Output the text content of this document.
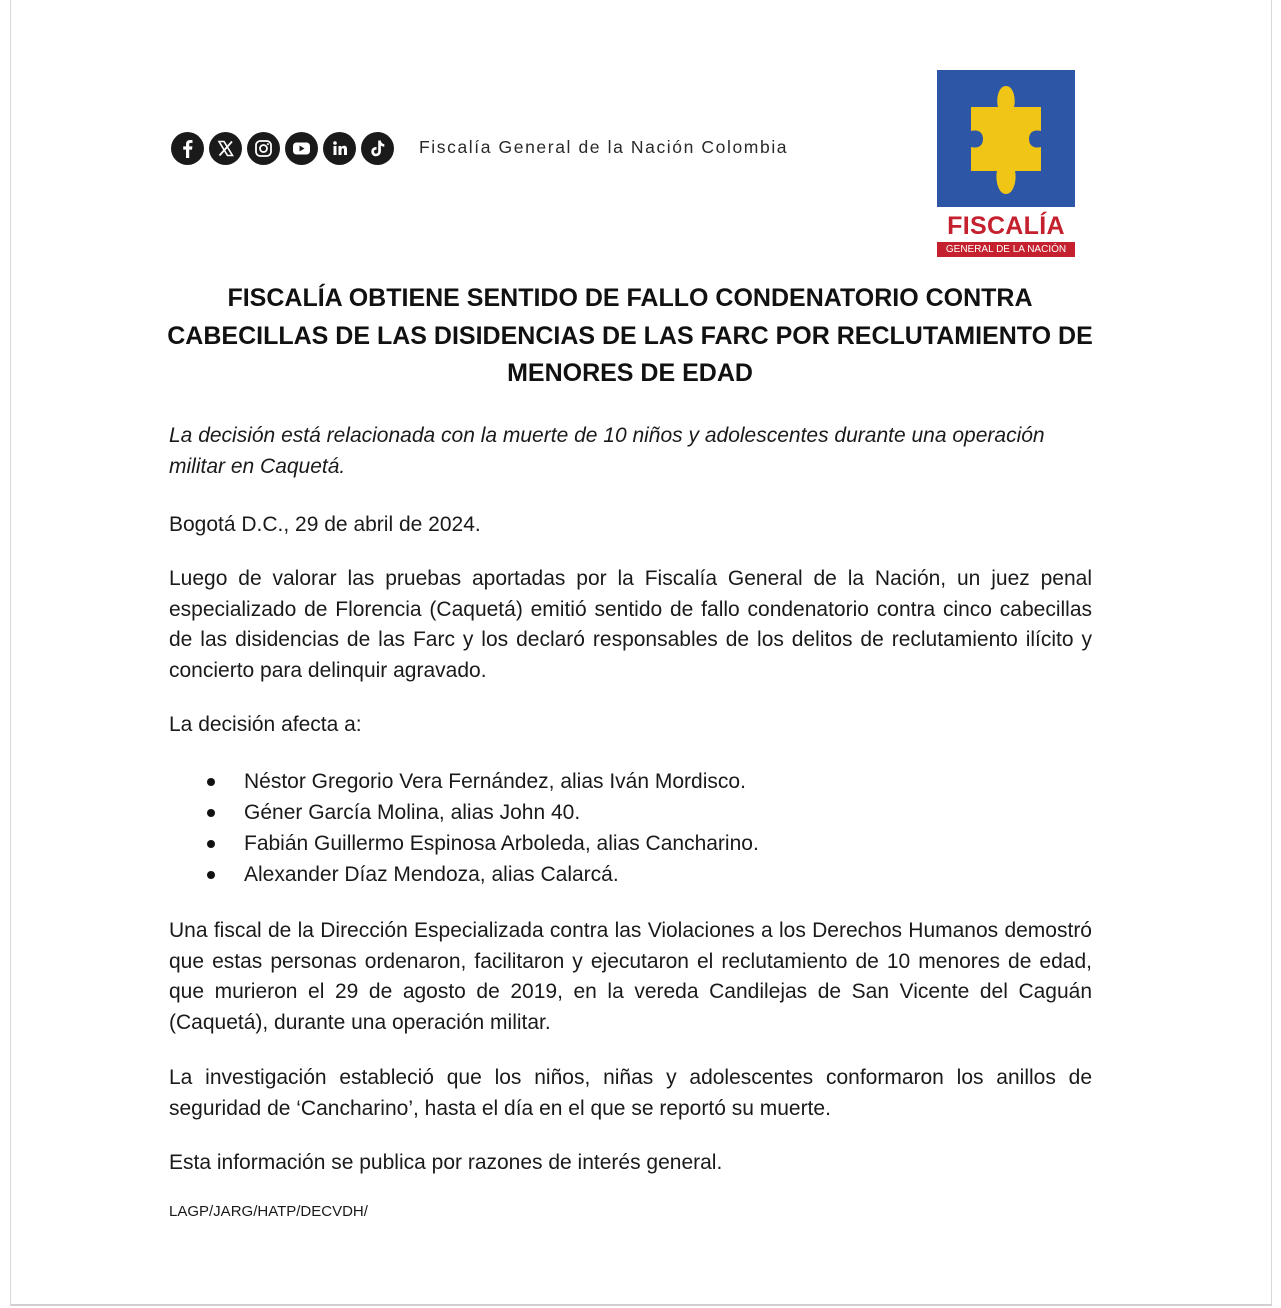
Fiscalía General de la Nación Colombia
FISCALÍA
GENERAL DE LA NACIÓN
FISCALÍA OBTIENE SENTIDO DE FALLO CONDENATORIO CONTRA CABECILLAS DE LAS DISIDENCIAS DE LAS FARC POR RECLUTAMIENTO DE MENORES DE EDAD
La decisión está relacionada con la muerte de 10 niños y adolescentes durante una operación militar en Caquetá.
Bogotá D.C., 29 de abril de 2024.
Luego de valorar las pruebas aportadas por la Fiscalía General de la Nación, un juez penal especializado de Florencia (Caquetá) emitió sentido de fallo condenatorio contra cinco cabecillas de las disidencias de las Farc y los declaró responsables de los delitos de reclutamiento ilícito y concierto para delinquir agravado.
La decisión afecta a:
Néstor Gregorio Vera Fernández, alias Iván Mordisco.
Géner García Molina, alias John 40.
Fabián Guillermo Espinosa Arboleda, alias Cancharino.
Alexander Díaz Mendoza, alias Calarcá.
Una fiscal de la Dirección Especializada contra las Violaciones a los Derechos Humanos demostró que estas personas ordenaron, facilitaron y ejecutaron el reclutamiento de 10 menores de edad, que murieron el 29 de agosto de 2019, en la vereda Candilejas de San Vicente del Caguán (Caquetá), durante una operación militar.
La investigación estableció que los niños, niñas y adolescentes conformaron los anillos de seguridad de ‘Cancharino’, hasta el día en el que se reportó su muerte.
Esta información se publica por razones de interés general.
LAGP/JARG/HATP/DECVDH/
